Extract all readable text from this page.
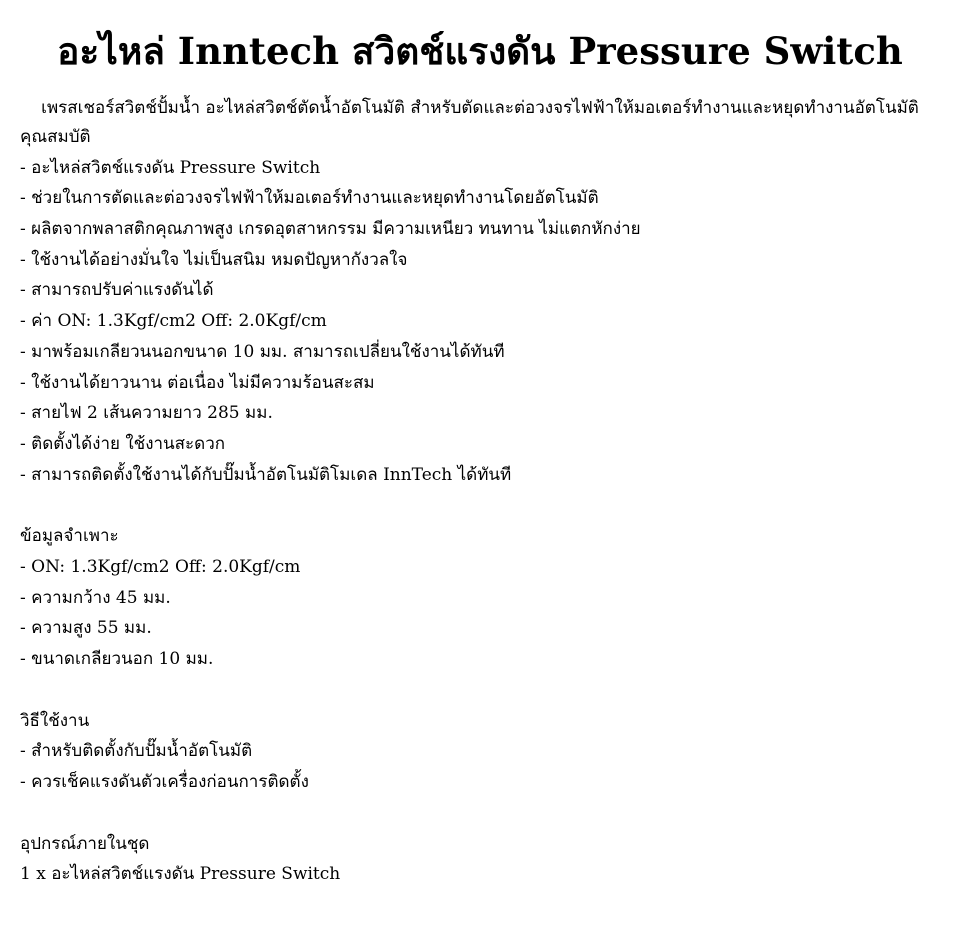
อะไหล่ Inntech สวิตช์แรงดัน Pressure Switch

เพรสเชอร์สวิตช์ปั้มน้ำ อะไหล่สวิตช์ตัดน้ำอัตโนมัติ สำหรับตัดและต่อวงจรไฟฟ้าให้มอเตอร์ทำงานและหยุดทำงานอัตโนมัติ

คุณสมบัติ
- อะไหล่สวิตช์แรงดัน Pressure Switch
- ช่วยในการตัดและต่อวงจรไฟฟ้าให้มอเตอร์ทำงานและหยุดทำงานโดยอัตโนมัติ
- ผลิตจากพลาสติกคุณภาพสูง เกรดอุตสาหกรรม มีความเหนียว ทนทาน ไม่แตกหักง่าย
- ใช้งานได้อย่างมั่นใจ ไม่เป็นสนิม หมดปัญหากังวลใจ
- สามารถปรับค่าแรงดันได้
- ค่า ON: 1.3Kgf/cm2 Off: 2.0Kgf/cm
- มาพร้อมเกลียวนนอกขนาด 10 มม. สามารถเปลี่ยนใช้งานได้ทันที
- ใช้งานได้ยาวนาน ต่อเนื่อง ไม่มีความร้อนสะสม
- สายไฟ 2 เส้นความยาว 285 มม.
- ติดตั้งได้ง่าย ใช้งานสะดวก
- สามารถติดตั้งใช้งานได้กับปั๊มน้ำอัตโนมัติโมเดล InnTech ได้ทันที
ข้อมูลจำเพาะ
- ON: 1.3Kgf/cm2 Off: 2.0Kgf/cm
- ความกว้าง 45 มม.
- ความสูง 55 มม.
- ขนาดเกลียวนอก 10 มม.
วิธีใช้งาน
- สำหรับติดตั้งกับปั๊มน้ำอัตโนมัติ
- ควรเช็คแรงดันตัวเครื่องก่อนการติดตั้ง
อุปกรณ์ภายในชุด
1 x อะไหล่สวิตช์แรงดัน Pressure Switch
